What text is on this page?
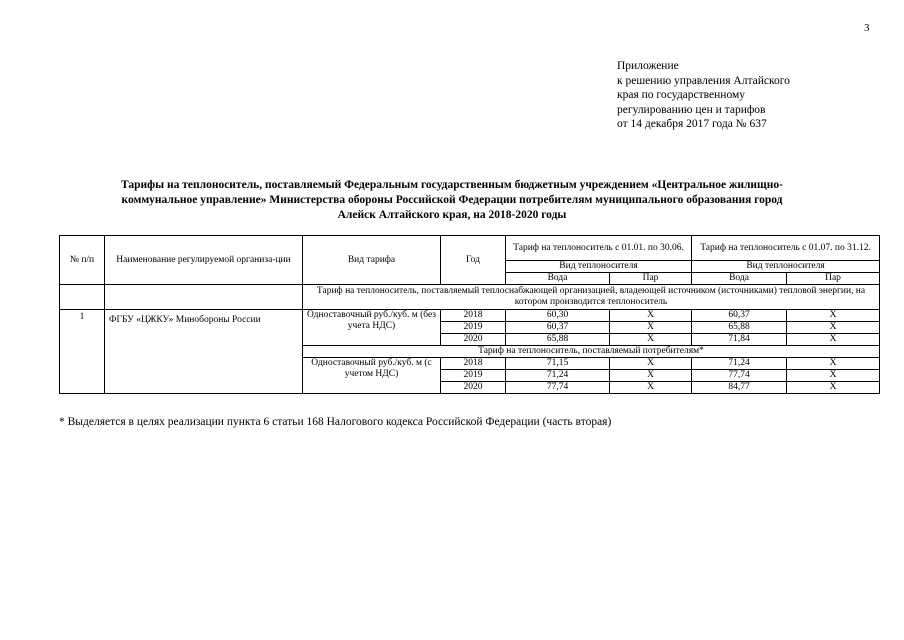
3
Приложение
к решению управления Алтайского
края по государственному
регулированию цен и тарифов
от 14 декабря 2017 года № 637
Тарифы на теплоноситель, поставляемый Федеральным государственным бюджетным учреждением «Центральное жилищно-
коммунальное управление» Министерства обороны Российской Федерации потребителям муниципального образования город
Алейск Алтайского края, на 2018-2020 годы
№ п/п	Наименование регулируемой организа-ции	Вид тарифа	Год	Тариф на теплоноситель с 01.01. по 30.06.		Тариф на теплоноситель с 01.07. по 31.12.	
				Вид теплоносителя		Вид теплоносителя	
				Вода	Пар	Вода	Пар
		Тариф на теплоноситель, поставляемый теплоснабжающей организацией, владеющей источником (источниками) тепловой энергии, на котором производится теплоноситель					
1	ФГБУ «ЦЖКУ» Минобороны России	Одноставочный руб./куб. м (без учета НДС)	2018	60,30	Х	60,37	Х
			2019	60,37	Х	65,88	Х
			2020	65,88	Х	71,84	Х
		Тариф на теплоноситель, поставляемый потребителям*					
		Одноставочный руб./куб. м (с учетом НДС)	2018	71,15	Х	71,24	Х
			2019	71,24	Х	77,74	Х
			2020	77,74	Х	84,77	Х
* Выделяется в целях реализации пункта 6 статьи 168 Налогового кодекса Российской Федерации (часть вторая)
